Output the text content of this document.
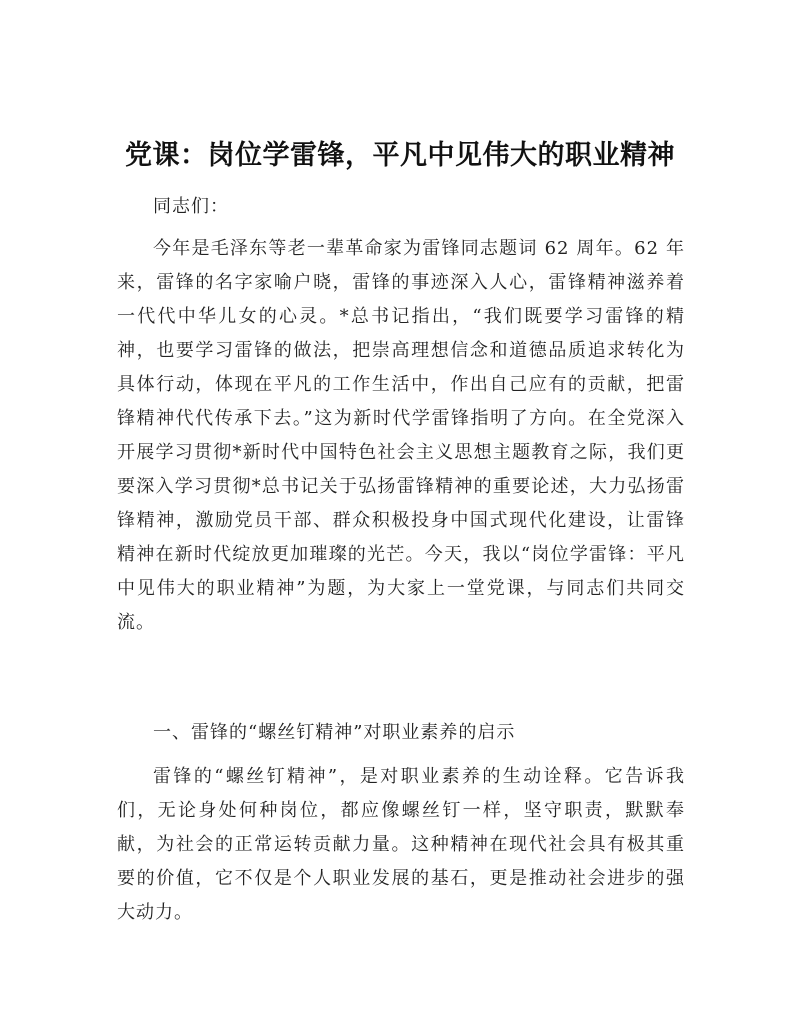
党课：岗位学雷锋，平凡中见伟大的职业精神

同志们：

今年是毛泽东等老一辈革命家为雷锋同志题词 62 周年。62 年来，雷锋的名字家喻户晓，雷锋的事迹深入人心，雷锋精神滋养着一代代中华儿女的心灵。*总书记指出，“我们既要学习雷锋的精神，也要学习雷锋的做法，把崇高理想信念和道德品质追求转化为具体行动，体现在平凡的工作生活中，作出自己应有的贡献，把雷锋精神代代传承下去。”这为新时代学雷锋指明了方向。在全党深入开展学习贯彻*新时代中国特色社会主义思想主题教育之际，我们更要深入学习贯彻*总书记关于弘扬雷锋精神的重要论述，大力弘扬雷锋精神，激励党员干部、群众积极投身中国式现代化建设，让雷锋精神在新时代绽放更加璀璨的光芒。今天，我以“岗位学雷锋：平凡中见伟大的职业精神”为题，为大家上一堂党课，与同志们共同交流。

一、雷锋的“螺丝钉精神”对职业素养的启示

雷锋的“螺丝钉精神”，是对职业素养的生动诠释。它告诉我们，无论身处何种岗位，都应像螺丝钉一样，坚守职责，默默奉献，为社会的正常运转贡献力量。这种精神在现代社会具有极其重要的价值，它不仅是个人职业发展的基石，更是推动社会进步的强大动力。
